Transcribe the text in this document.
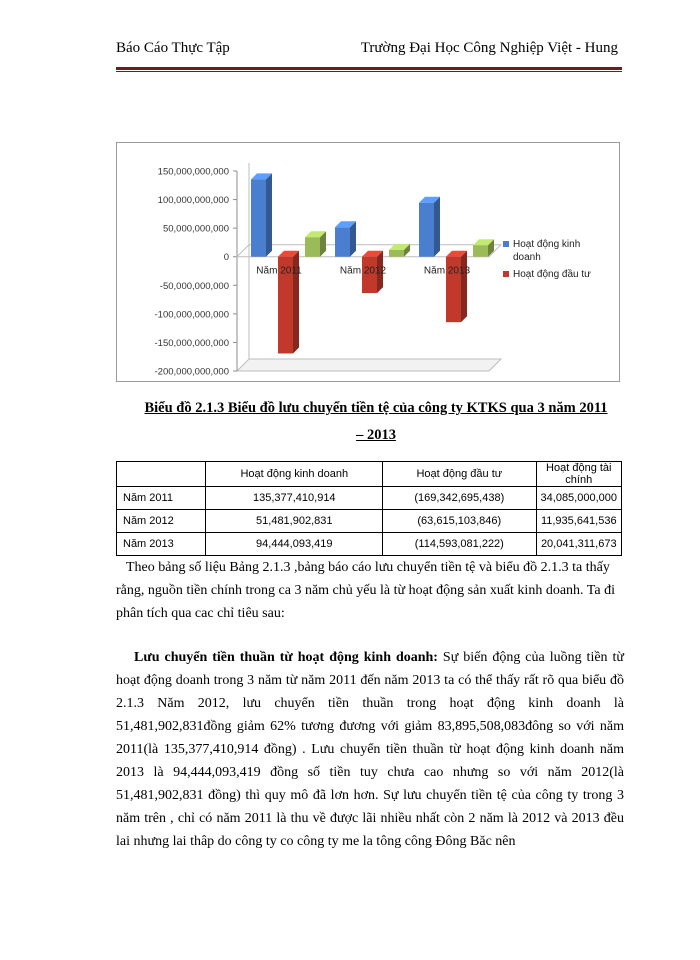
Báo Cáo Thực Tập	Trường Đại Học Công Nghiệp Việt - Hung
150,000,000,000
100,000,000,000
50,000,000,000
0
-50,000,000,000
-100,000,000,000
-150,000,000,000
-200,000,000,000
Năm 2011	Năm 2012	Năm 2013
Hoạt động kinh
doanh
Hoạt động đầu tư
Biểu đồ 2.1.3 Biểu đồ lưu chuyển tiền tệ của công ty KTKS qua 3 năm 2011
– 2013
	Hoạt động kinh doanh	Hoạt động đầu tư	Hoạt động tài chính
Năm 2011	135,377,410,914	(169,342,695,438)	34,085,000,000
Năm 2012	51,481,902,831	(63,615,103,846)	11,935,641,536
Năm 2013	94,444,093,419	(114,593,081,222)	20,041,311,673
Theo bảng số liệu Bảng 2.1.3 ,bảng báo cáo lưu chuyển tiền tệ và biểu đồ 2.1.3 ta thấy rằng, nguồn tiền chính trong ca 3 năm chủ yếu là từ hoạt động sản xuất kinh doanh. Ta đi phân tích qua cac chỉ tiêu sau:
Lưu chuyển tiền thuần từ hoạt động kinh doanh: Sự biến động của luồng tiền từ hoạt động doanh trong 3 năm từ năm 2011 đến năm 2013 ta có thể thấy rất rõ qua biểu đồ 2.1.3 Năm 2012, lưu chuyển tiền thuần trong hoạt động kinh doanh là 51,481,902,831đồng giảm 62% tương đương với giảm 83,895,508,083đông so với năm 2011(là 135,377,410,914 đồng) . Lưu chuyển tiền thuần từ hoạt động kinh doanh năm 2013 là 94,444,093,419 đồng số tiền tuy chưa cao nhưng so với năm 2012(là 51,481,902,831 đồng) thì quy mô đã lơn hơn. Sự lưu chuyển tiền tệ của công ty trong 3 năm trên , chỉ có năm 2011 là thu về được lãi nhiều nhất còn 2 năm là 2012 và 2013 đều lai nhưng lai thâp do công ty co công ty me la tông công Đông Băc nên
